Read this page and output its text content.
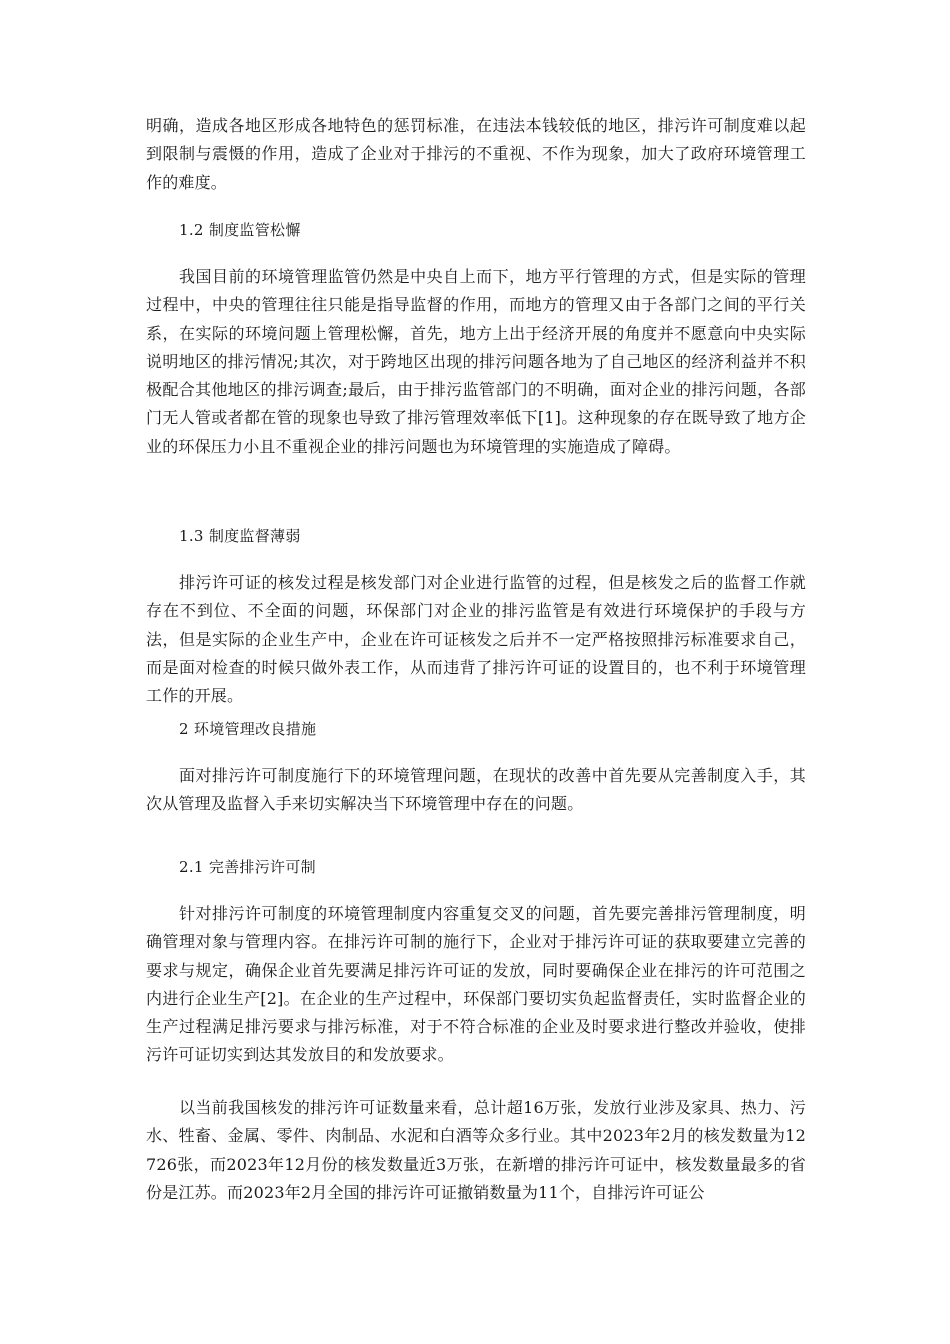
明确，造成各地区形成各地特色的惩罚标准，在违法本钱较低的地区，排污许可制度难以起到限制与震慑的作用，造成了企业对于排污的不重视、不作为现象，加大了政府环境管理工作的难度。

1.2 制度监管松懈

我国目前的环境管理监管仍然是中央自上而下，地方平行管理的方式，但是实际的管理过程中，中央的管理往往只能是指导监督的作用，而地方的管理又由于各部门之间的平行关系，在实际的环境问题上管理松懈，首先，地方上出于经济开展的角度并不愿意向中央实际说明地区的排污情况;其次，对于跨地区出现的排污问题各地为了自己地区的经济利益并不积极配合其他地区的排污调查;最后，由于排污监管部门的不明确，面对企业的排污问题，各部门无人管或者都在管的现象也导致了排污管理效率低下[1]。这种现象的存在既导致了地方企业的环保压力小且不重视企业的排污问题也为环境管理的实施造成了障碍。

1.3 制度监督薄弱

排污许可证的核发过程是核发部门对企业进行监管的过程，但是核发之后的监督工作就存在不到位、不全面的问题，环保部门对企业的排污监管是有效进行环境保护的手段与方法，但是实际的企业生产中，企业在许可证核发之后并不一定严格按照排污标准要求自己，而是面对检查的时候只做外表工作，从而违背了排污许可证的设置目的，也不利于环境管理工作的开展。

2 环境管理改良措施

面对排污许可制度施行下的环境管理问题，在现状的改善中首先要从完善制度入手，其次从管理及监督入手来切实解决当下环境管理中存在的问题。

2.1 完善排污许可制

针对排污许可制度的环境管理制度内容重复交叉的问题，首先要完善排污管理制度，明确管理对象与管理内容。在排污许可制的施行下，企业对于排污许可证的获取要建立完善的要求与规定，确保企业首先要满足排污许可证的发放，同时要确保企业在排污的许可范围之内进行企业生产[2]。在企业的生产过程中，环保部门要切实负起监督责任，实时监督企业的生产过程满足排污要求与排污标准，对于不符合标准的企业及时要求进行整改并验收，使排污许可证切实到达其发放目的和发放要求。

以当前我国核发的排污许可证数量来看，总计超16万张，发放行业涉及家具、热力、污水、牲畜、金属、零件、肉制品、水泥和白酒等众多行业。其中2023年2月的核发数量为12 726张，而2023年12月份的核发数量近3万张，在新增的排污许可证中，核发数量最多的省份是江苏。而2023年2月全国的排污许可证撤销数量为11个，自排污许可证公
